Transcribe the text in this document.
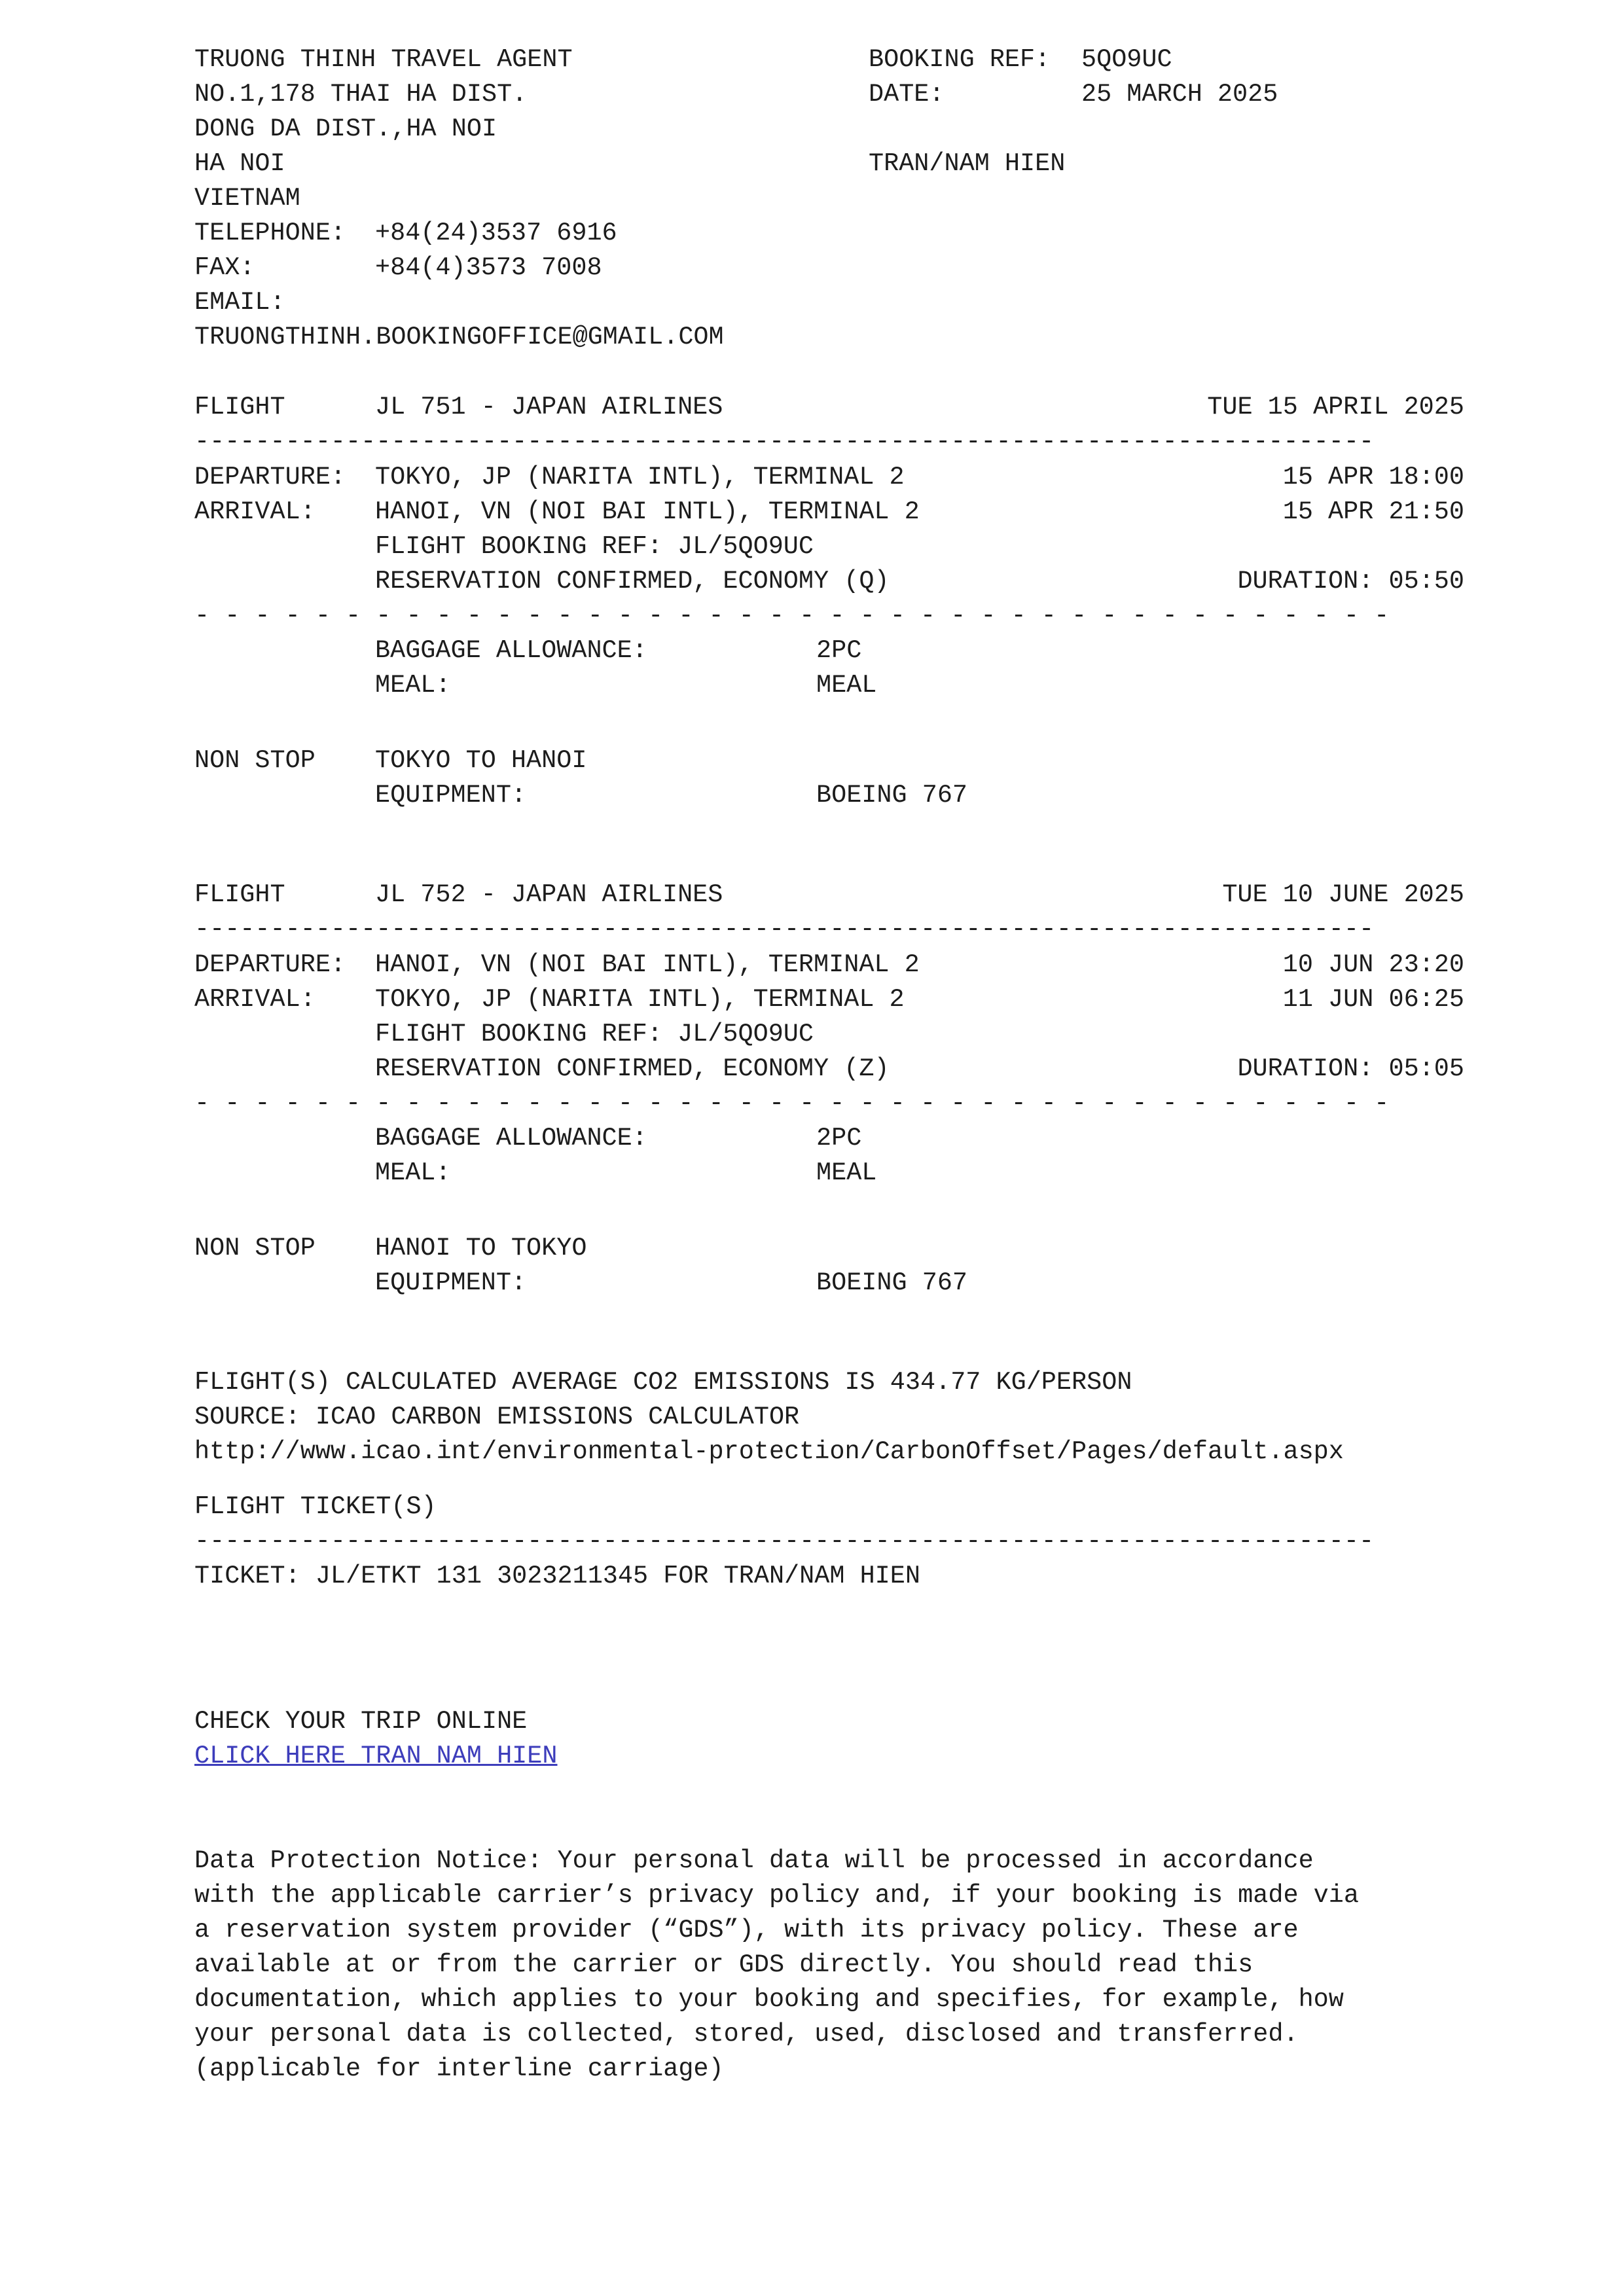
TRUONG THINH TRAVEL AGENT
NO.1,178 THAI HA DIST.
DONG DA DIST.,HA NOI
HA NOI
VIETNAM
TELEPHONE: +84(24)3537 6916
FAX:	+84(4)3573 7008
EMAIL:
TRUONGTHINH.BOOKINGOFFICE@GMAIL.COM
BOOKING REF: 5QO9UC
DATE:	25 MARCH 2025
TRAN/NAM HIEN
FLIGHT	JL 751 - JAPAN AIRLINES	TUE 15 APRIL 2025
------------------------------------------------------------------------------
DEPARTURE: TOKYO, JP (NARITA INTL), TERMINAL 2	15 APR 18:00
ARRIVAL: HANOI, VN (NOI BAI INTL), TERMINAL 2	15 APR 21:50
FLIGHT BOOKING REF: JL/5QO9UC
RESERVATION CONFIRMED, ECONOMY (Q)	DURATION: 05:50
- - - - - - - - - - - - - - - - - - - - - - - - - - - - - - - - - - - - - - - -
BAGGAGE ALLOWANCE:	2PC
MEAL:	MEAL
NON STOP TOKYO TO HANOI
EQUIPMENT:	BOEING 767
FLIGHT	JL 752 - JAPAN AIRLINES	TUE 10 JUNE 2025
------------------------------------------------------------------------------
DEPARTURE: HANOI, VN (NOI BAI INTL), TERMINAL 2	10 JUN 23:20
ARRIVAL: TOKYO, JP (NARITA INTL), TERMINAL 2	11 JUN 06:25
FLIGHT BOOKING REF: JL/5QO9UC
RESERVATION CONFIRMED, ECONOMY (Z)	DURATION: 05:05
- - - - - - - - - - - - - - - - - - - - - - - - - - - - - - - - - - - - - - - -
BAGGAGE ALLOWANCE:	2PC
MEAL:	MEAL
NON STOP HANOI TO TOKYO
EQUIPMENT:	BOEING 767
FLIGHT(S) CALCULATED AVERAGE CO2 EMISSIONS IS 434.77 KG/PERSON
SOURCE: ICAO CARBON EMISSIONS CALCULATOR
http://www.icao.int/environmental-protection/CarbonOffset/Pages/default.aspx
FLIGHT TICKET(S)
------------------------------------------------------------------------------
TICKET: JL/ETKT 131 3023211345 FOR TRAN/NAM HIEN
CHECK YOUR TRIP ONLINE
CLICK HERE TRAN NAM HIEN
Data Protection Notice: Your personal data will be processed in accordance
with the applicable carrier’s privacy policy and, if your booking is made via
a reservation system provider (“GDS”), with its privacy policy. These are
available at or from the carrier or GDS directly. You should read this
documentation, which applies to your booking and specifies, for example, how
your personal data is collected, stored, used, disclosed and transferred.
(applicable for interline carriage)
